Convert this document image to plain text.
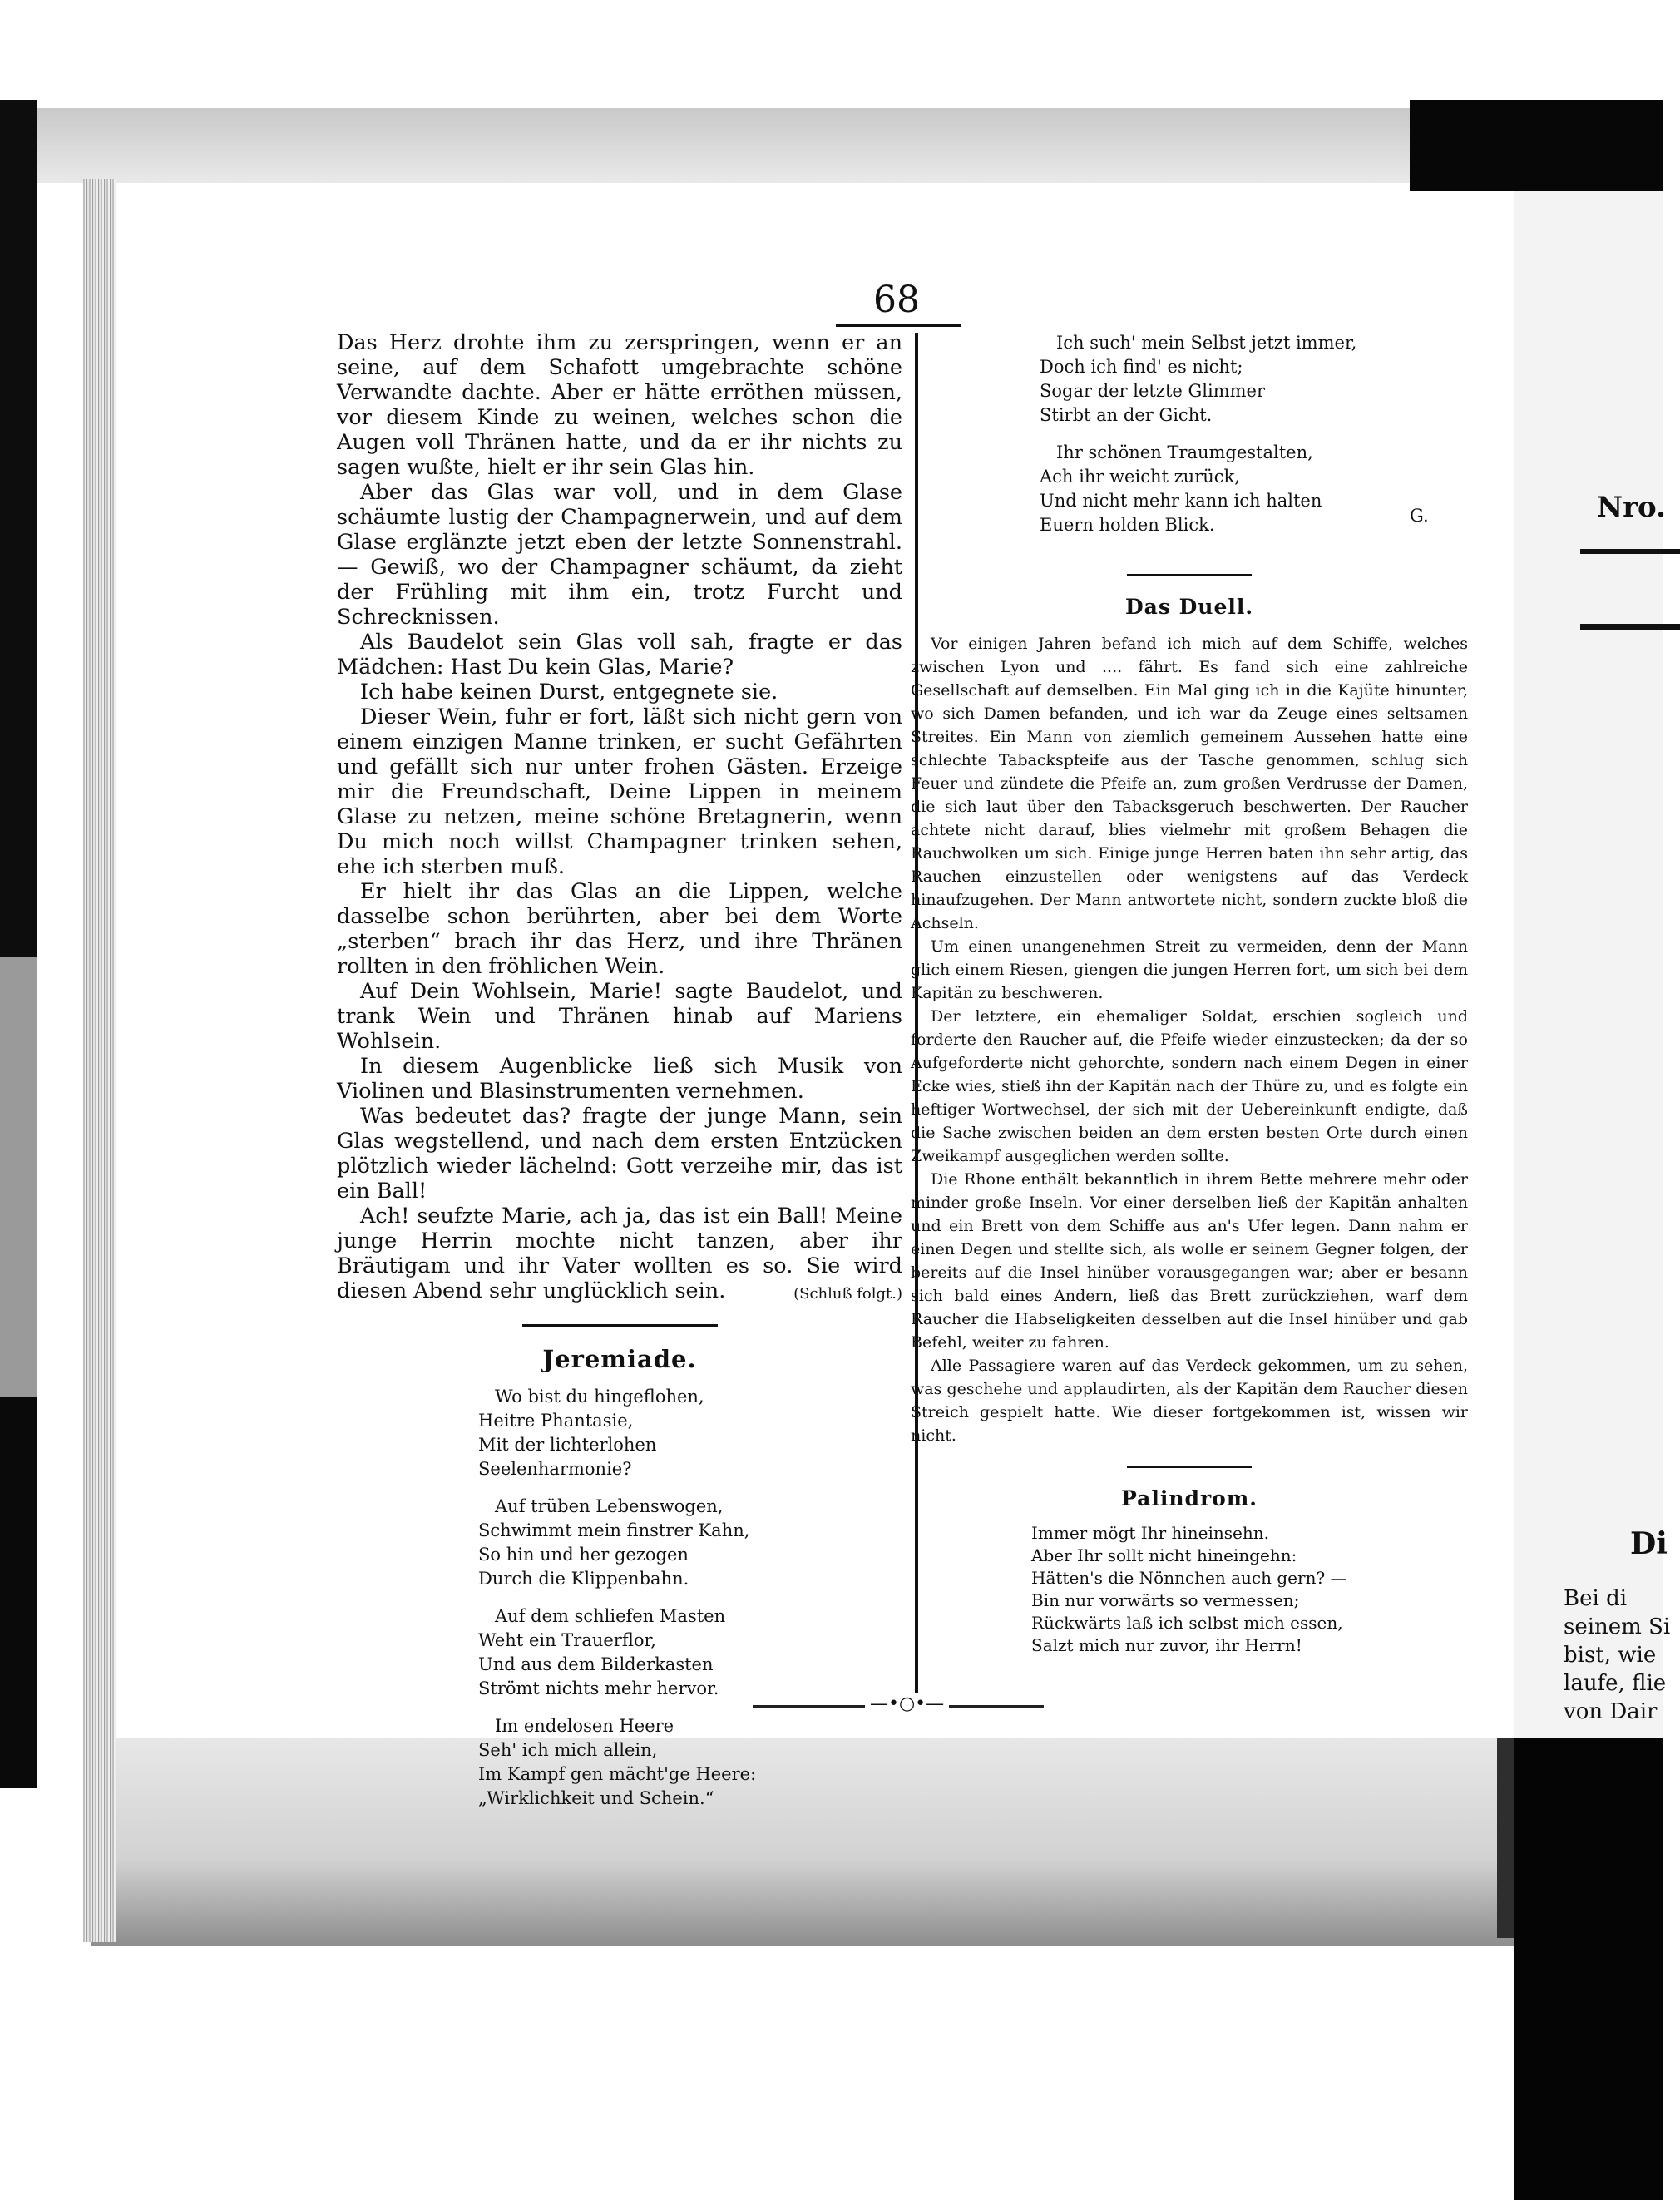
Nro.
Di
Bei di
seinem Si
bist, wie
laufe, flie
von Dair
68

Das Herz drohte ihm zu zerspringen, wenn er an seine, auf dem Schafott umgebrachte schöne Verwandte dachte. Aber er hätte erröthen müssen, vor diesem Kinde zu weinen, welches schon die Augen voll Thränen hatte, und da er ihr nichts zu sagen wußte, hielt er ihr sein Glas hin.

Aber das Glas war voll, und in dem Glase schäumte lustig der Champagnerwein, und auf dem Glase erglänzte jetzt eben der letzte Sonnenstrahl. — Gewiß, wo der Champagner schäumt, da zieht der Frühling mit ihm ein, trotz Furcht und Schrecknissen.

Als Baudelot sein Glas voll sah, fragte er das Mädchen: Hast Du kein Glas, Marie?

Ich habe keinen Durst, entgegnete sie.

Dieser Wein, fuhr er fort, läßt sich nicht gern von einem einzigen Manne trinken, er sucht Gefährten und gefällt sich nur unter frohen Gästen. Erzeige mir die Freundschaft, Deine Lippen in meinem Glase zu netzen, meine schöne Bretagnerin, wenn Du mich noch willst Champagner trinken sehen, ehe ich sterben muß.

Er hielt ihr das Glas an die Lippen, welche dasselbe schon berührten, aber bei dem Worte „sterben“ brach ihr das Herz, und ihre Thränen rollten in den fröhlichen Wein.

Auf Dein Wohlsein, Marie! sagte Baudelot, und trank Wein und Thränen hinab auf Mariens Wohlsein.

In diesem Augenblicke ließ sich Musik von Violinen und Blasinstrumenten vernehmen.

Was bedeutet das? fragte der junge Mann, sein Glas wegstellend, und nach dem ersten Entzücken plötzlich wieder lächelnd: Gott verzeihe mir, das ist ein Ball!

Ach! seufzte Marie, ach ja, das ist ein Ball! Meine junge Herrin mochte nicht tanzen, aber ihr Bräutigam und ihr Vater wollten es so. Sie wird diesen Abend sehr unglücklich sein.	(Schluß folgt.)
Jeremiade.
Wo bist du hingeflohen,
Heitre Phantasie,
Mit der lichterlohen
Seelenharmonie?
Auf trüben Lebenswogen,
Schwimmt mein finstrer Kahn,
So hin und her gezogen
Durch die Klippenbahn.
Auf dem schliefen Masten
Weht ein Trauerflor,
Und aus dem Bilderkasten
Strömt nichts mehr hervor.
Im endelosen Heere
Seh' ich mich allein,
Im Kampf gen mächt'ge Heere:
„Wirklichkeit und Schein.“
Ich such' mein Selbst jetzt immer,
Doch ich find' es nicht;
Sogar der letzte Glimmer
Stirbt an der Gicht.
Ihr schönen Traumgestalten,
Ach ihr weicht zurück,
Und nicht mehr kann ich halten
Euern holden Blick.	G.
Das Duell.

Vor einigen Jahren befand ich mich auf dem Schiffe, welches zwischen Lyon und .... fährt. Es fand sich eine zahlreiche Gesellschaft auf demselben. Ein Mal ging ich in die Kajüte hinunter, wo sich Damen befanden, und ich war da Zeuge eines seltsamen Streites. Ein Mann von ziemlich gemeinem Aussehen hatte eine schlechte Tabackspfeife aus der Tasche genommen, schlug sich Feuer und zündete die Pfeife an, zum großen Verdrusse der Damen, die sich laut über den Tabacksgeruch beschwerten. Der Raucher achtete nicht darauf, blies vielmehr mit großem Behagen die Rauchwolken um sich. Einige junge Herren baten ihn sehr artig, das Rauchen einzustellen oder wenigstens auf das Verdeck hinaufzugehen. Der Mann antwortete nicht, sondern zuckte bloß die Achseln.

Um einen unangenehmen Streit zu vermeiden, denn der Mann glich einem Riesen, giengen die jungen Herren fort, um sich bei dem Kapitän zu beschweren.

Der letztere, ein ehemaliger Soldat, erschien sogleich und forderte den Raucher auf, die Pfeife wieder einzustecken; da der so Aufgeforderte nicht gehorchte, sondern nach einem Degen in einer Ecke wies, stieß ihn der Kapitän nach der Thüre zu, und es folgte ein heftiger Wortwechsel, der sich mit der Uebereinkunft endigte, daß die Sache zwischen beiden an dem ersten besten Orte durch einen Zweikampf ausgeglichen werden sollte.

Die Rhone enthält bekanntlich in ihrem Bette mehrere mehr oder minder große Inseln. Vor einer derselben ließ der Kapitän anhalten und ein Brett von dem Schiffe aus an's Ufer legen. Dann nahm er einen Degen und stellte sich, als wolle er seinem Gegner folgen, der bereits auf die Insel hinüber vorausgegangen war; aber er besann sich bald eines Andern, ließ das Brett zurückziehen, warf dem Raucher die Habseligkeiten desselben auf die Insel hinüber und gab Befehl, weiter zu fahren.

Alle Passagiere waren auf das Verdeck gekommen, um zu sehen, was geschehe und applaudirten, als der Kapitän dem Raucher diesen Streich gespielt hatte. Wie dieser fortgekommen ist, wissen wir nicht.

Palindrom.
Immer mögt Ihr hineinsehn.
Aber Ihr sollt nicht hineingehn:
Hätten's die Nönnchen auch gern? —
Bin nur vorwärts so vermessen;
Rückwärts laß ich selbst mich essen,
Salzt mich nur zuvor, ihr Herrn!
—•○•—
